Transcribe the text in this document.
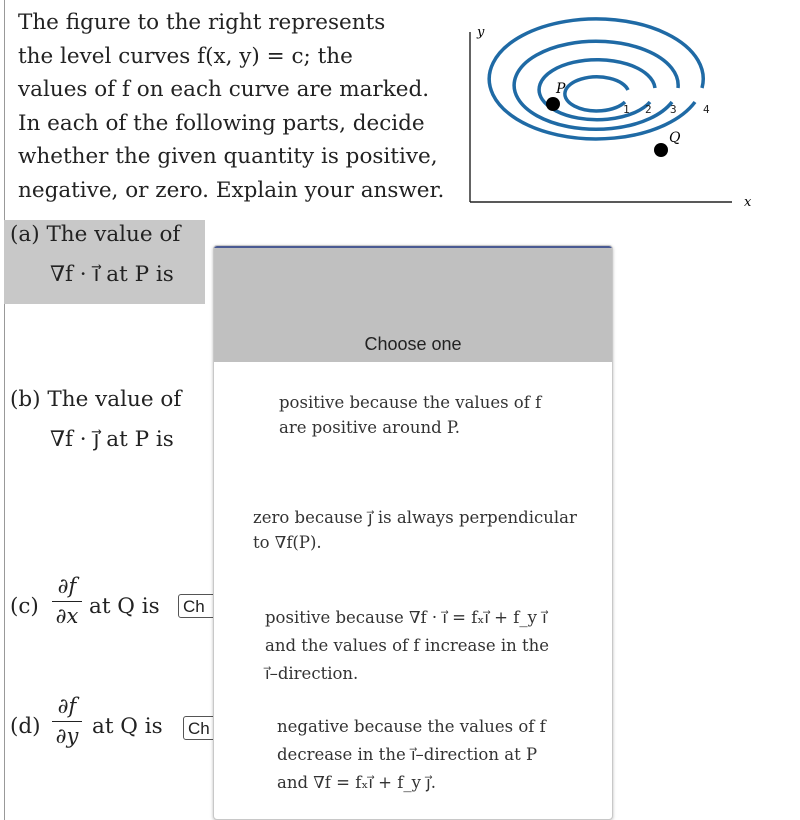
The figure to the right represents
the level curves f(x, y) = c; the
values of f on each curve are marked.
In each of the following parts, decide
whether the given quantity is positive,
negative, or zero. Explain your answer.
y
x
1 2 3 4
P
Q
(a) The value of
∇f · i⃗ at P is
(b) The value of
∇f · j⃗ at P is
(c)
∂f
∂x at Q is Ch
(d)
∂f
∂y at Q is Ch
Choose one
positive because the values of f
are positive around P.
zero because j⃗ is always perpendicular
to ∇f(P).
positive because ∇f · i⃗ = fₓi⃗ + f_y i⃗
and the values of f increase in the
i⃗–direction.
negative because the values of f
decrease in the i⃗–direction at P
and ∇f = fₓi⃗ + f_y j⃗.
